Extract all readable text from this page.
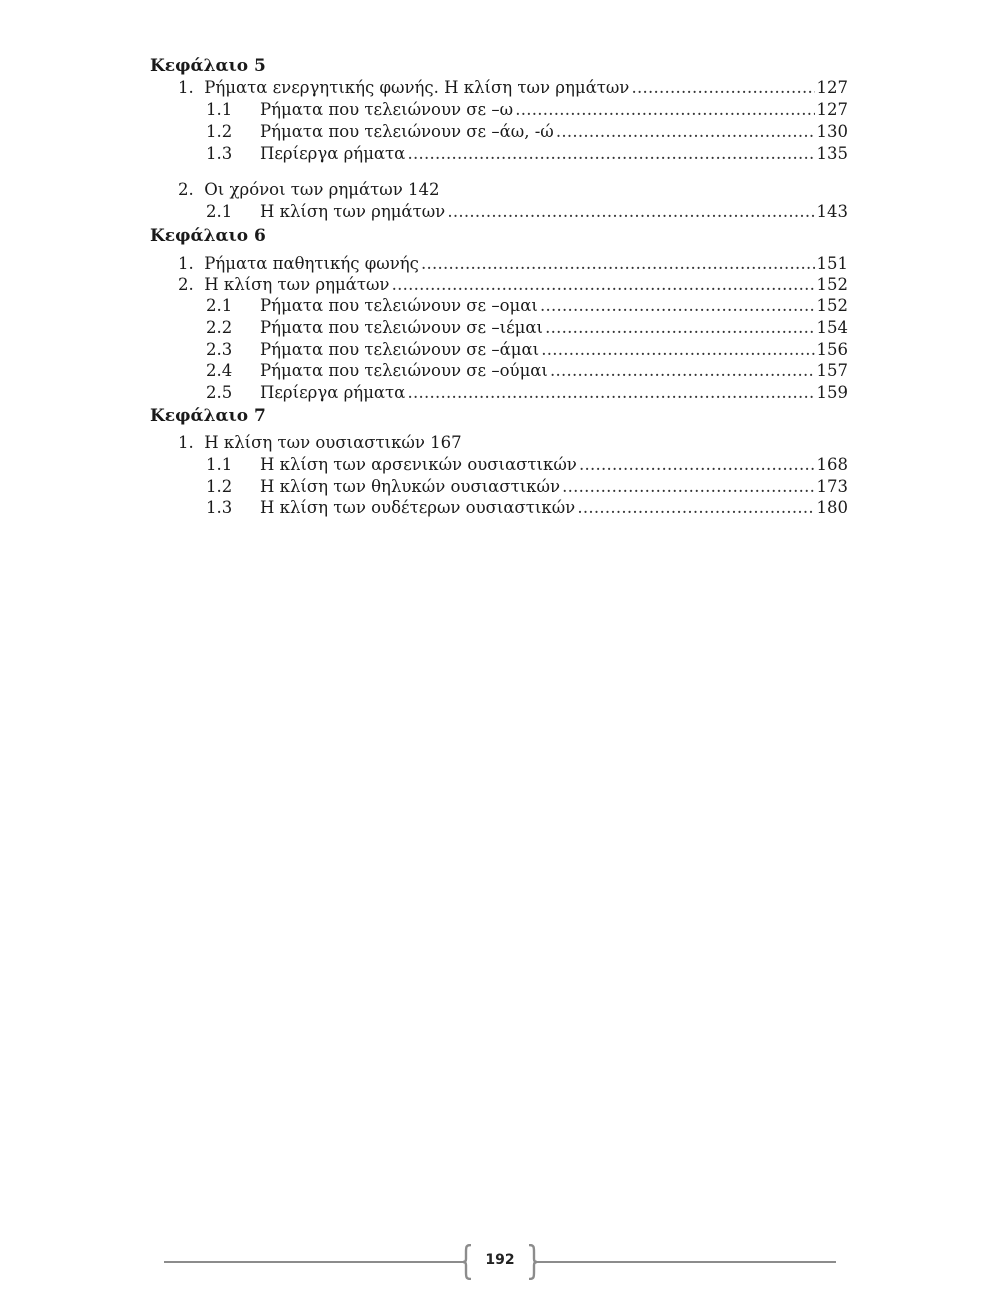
Κεφάλαιο 5
1. Ρήματα ενεργητικής φωνής. Η κλίση των ρημάτων ………………………………………………………………………………………………………………………………………………………………………………………………………	127
1.1 Ρήματα που τελειώνουν σε –ω ………………………………………………………………………………………………………………………………………………………………………………………………………	127
1.2 Ρήματα που τελειώνουν σε –άω, -ώ ………………………………………………………………………………………………………………………………………………………………………………………………………	130
1.3 Περίεργα ρήματα ………………………………………………………………………………………………………………………………………………………………………………………………………	135
2. Οι χρόνοι των ρημάτων 142
2.1 Η κλίση των ρημάτων ………………………………………………………………………………………………………………………………………………………………………………………………………	143
Κεφάλαιο 6
1. Ρήματα παθητικής φωνής ………………………………………………………………………………………………………………………………………………………………………………………………………	151
2. Η κλίση των ρημάτων ………………………………………………………………………………………………………………………………………………………………………………………………………	152
2.1 Ρήματα που τελειώνουν σε –ομαι ………………………………………………………………………………………………………………………………………………………………………………………………………	152
2.2 Ρήματα που τελειώνουν σε –ιέμαι ………………………………………………………………………………………………………………………………………………………………………………………………………	154
2.3 Ρήματα που τελειώνουν σε –άμαι ………………………………………………………………………………………………………………………………………………………………………………………………………	156
2.4 Ρήματα που τελειώνουν σε –ούμαι ………………………………………………………………………………………………………………………………………………………………………………………………………	157
2.5 Περίεργα ρήματα ………………………………………………………………………………………………………………………………………………………………………………………………………	159
Κεφάλαιο 7
1. Η κλίση των ουσιαστικών 167
1.1 Η κλίση των αρσενικών ουσιαστικών ………………………………………………………………………………………………………………………………………………………………………………………………………	168
1.2 Η κλίση των θηλυκών ουσιαστικών ………………………………………………………………………………………………………………………………………………………………………………………………………	173
1.3 Η κλίση των ουδέτερων ουσιαστικών ………………………………………………………………………………………………………………………………………………………………………………………………………	180
192
